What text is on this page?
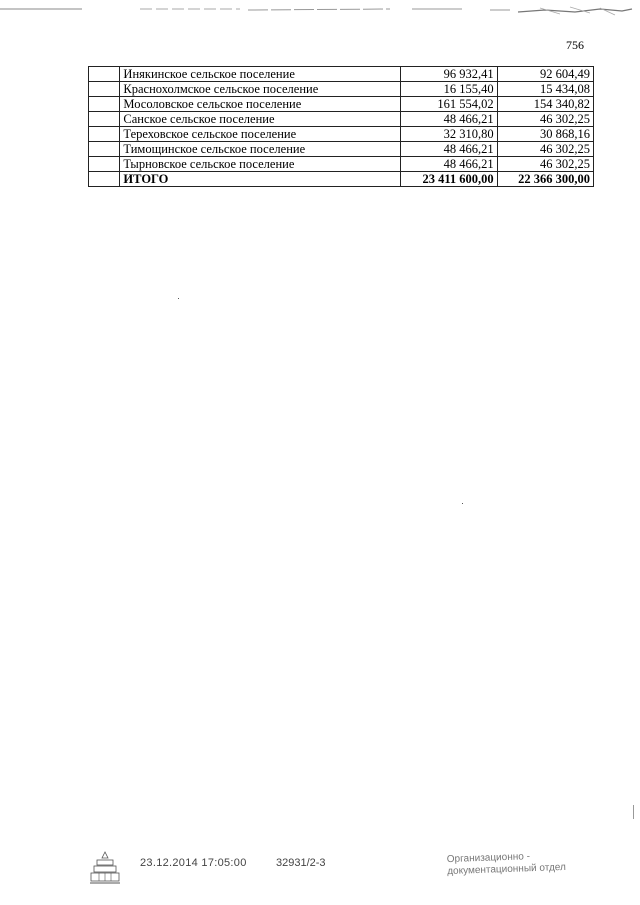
756
	Инякинское сельское поселение	96 932,41	92 604,49
	Краснохолмское сельское поселение	16 155,40	15 434,08
	Мосоловское сельское поселение	161 554,02	154 340,82
	Санское сельское поселение	48 466,21	46 302,25
	Тереховское сельское поселение	32 310,80	30 868,16
	Тимощинское сельское поселение	48 466,21	46 302,25
	Тырновское сельское поселение	48 466,21	46 302,25
	ИТОГО	23 411 600,00	22 366 300,00
23.12.2014 17:05:00	32931/2-3	Организационно -
документационный отдел
